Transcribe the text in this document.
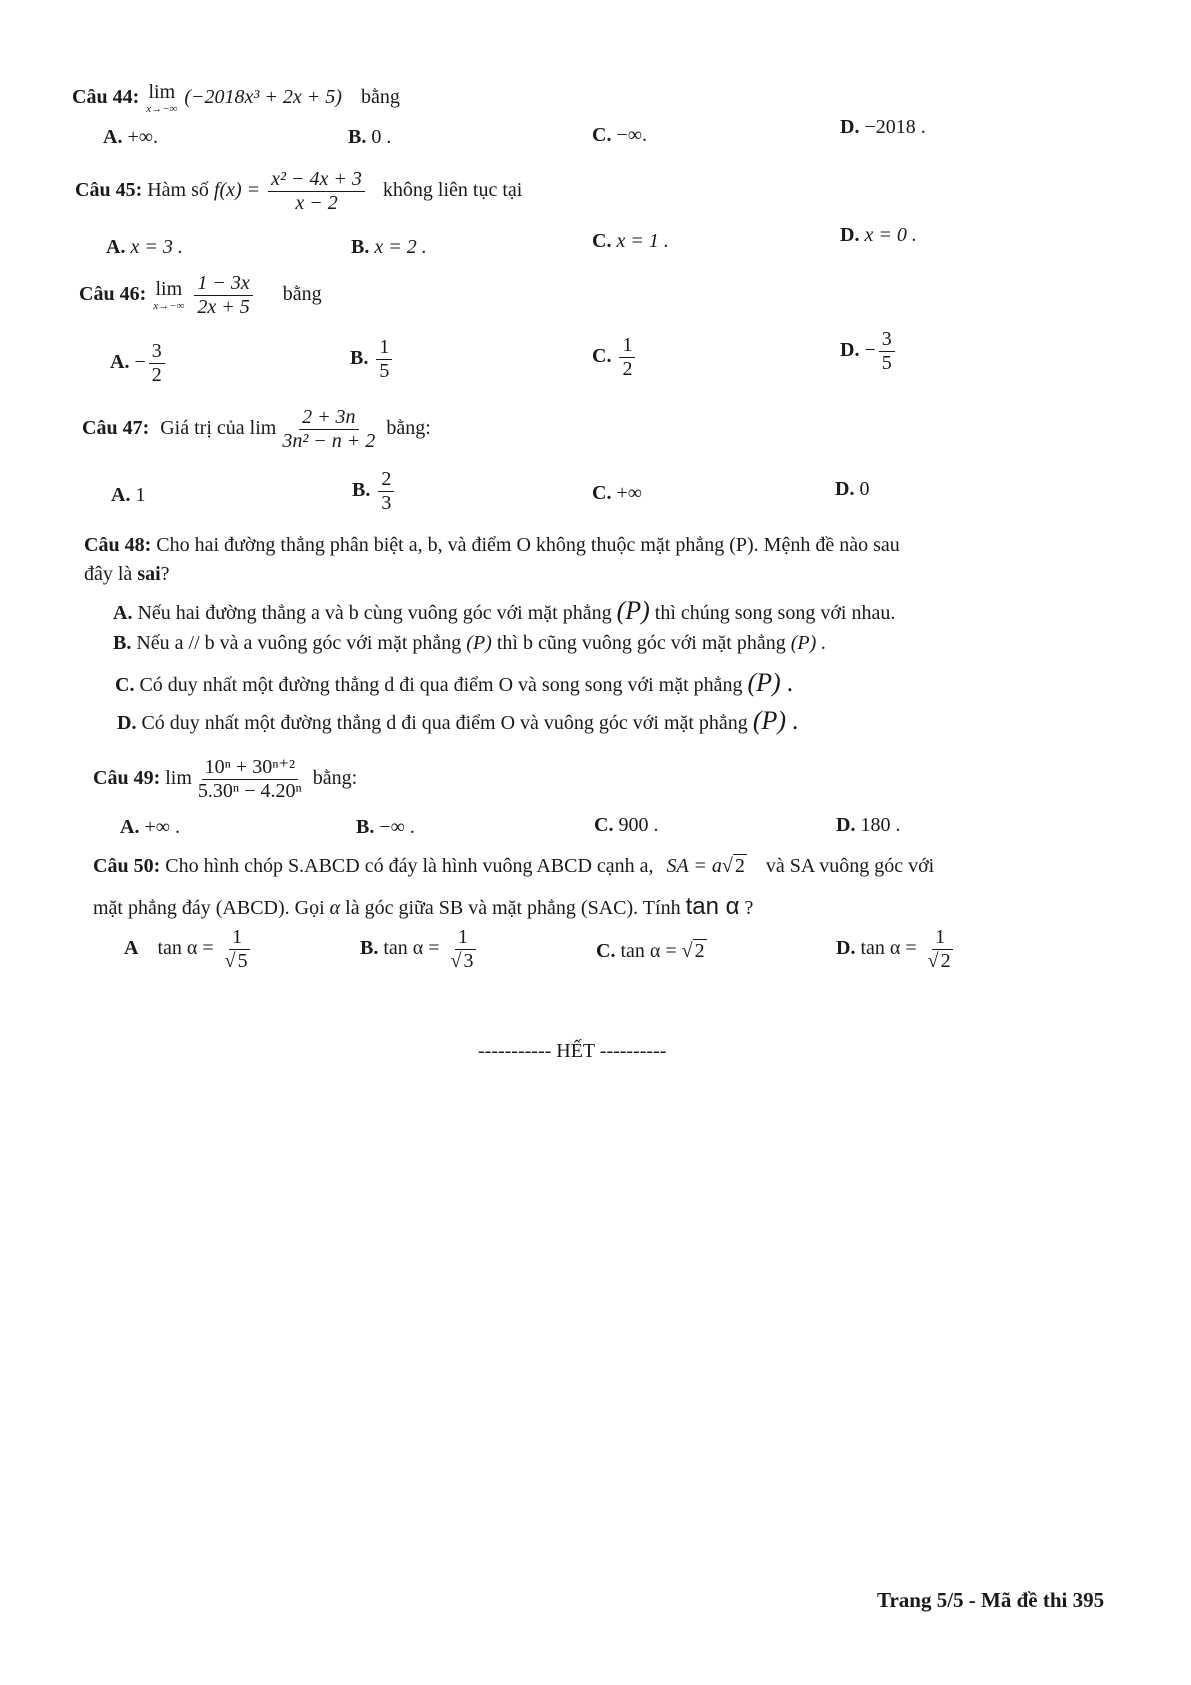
Câu 44: lim
x→−∞
(−2018x³ + 2x + 5) bằng
A. +∞.	B. 0 .	C. −∞.	D. −2018 .
Câu 45: Hàm số $f(x) = \frac{\text{x² − 4x + 3}}{x - 2}$ không liên tục tại
A. x = 3 .	B. x = 2 .	C. x = 1 .	D. x = 0 .
Câu 46: lim
x→−∞
$\frac{1 - 3x}{2x + 5}$ bằng
A. − $\frac{3}{2}$	B. $\frac{1}{5}$	C. $\frac{1}{2}$	D. − $\frac{3}{5}$
Câu 47: Giá trị của $\lim \frac{2 + 3n}{\text{3n² − n + 2}}$ bằng:
A. 1	B. $\frac{2}{3}$	C. +∞	D. 0
Câu 48: Cho hai đường thẳng phân biệt a, b, và điểm O không thuộc mặt phẳng (P). Mệnh đề nào sau
đây là sai?
A. Nếu hai đường thẳng a và b cùng vuông góc với mặt phẳng (P) thì chúng song song với nhau.
B. Nếu a // b và a vuông góc với mặt phẳng (P) thì b cũng vuông góc với mặt phẳng (P) .
C. Có duy nhất một đường thẳng d đi qua điểm O và song song với mặt phẳng (P) .
D. Có duy nhất một đường thẳng d đi qua điểm O và vuông góc với mặt phẳng (P) .
Câu 49: $\lim \frac{\text{10ⁿ + 30ⁿ⁺²}}{\text{5.30ⁿ − 4.20ⁿ}}$ bằng:
A. +∞ .	B. −∞ .	C. 900 .	D. 180 .
Câu 50: Cho hình chóp S.ABCD có đáy là hình vuông ABCD cạnh a, SA = a√ 2 và SA vuông góc với
mặt phẳng đáy (ABCD). Gọi α là góc giữa SB và mặt phẳng (SAC). Tính tan α ?
A $\tan \alpha = \frac{1}{√ 5}$	B. $\tan \alpha = \frac{1}{√ 3}$	C. tan α = √ 2	D. $\tan \alpha = \frac{1}{√ 2}$
----------- HẾT ----------
Trang 5/5 - Mã đề thi 395
